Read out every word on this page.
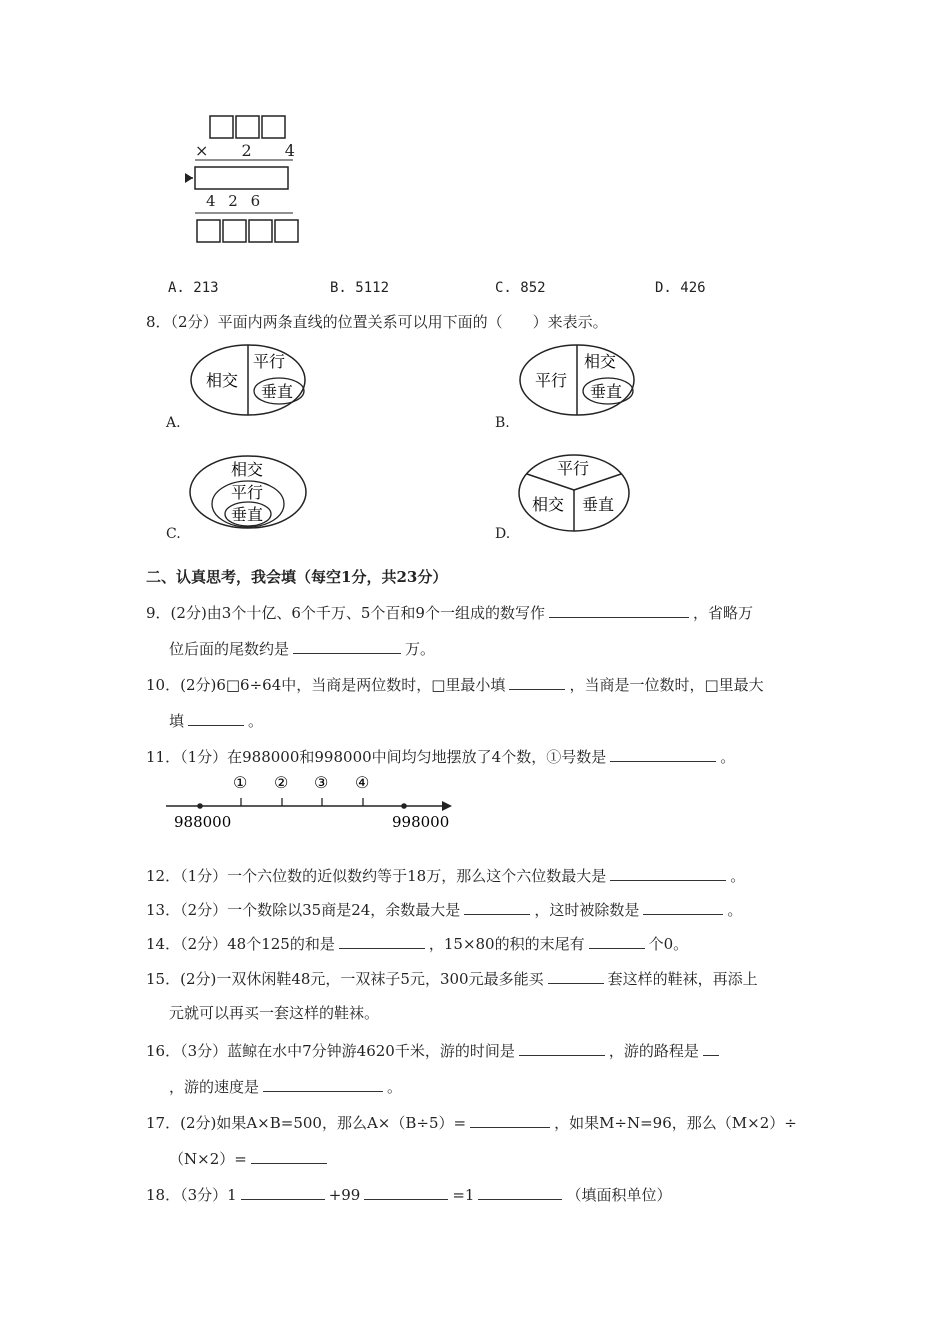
× 2 4
4 2 6
A. 213	B. 5112	C. 852	D. 426
8．（2分）平面内两条直线的位置关系可以用下面的（　　）来表示。
相交
平行
垂直
A.
平行
相交
垂直
B.
相交
平行
垂直
C.
平行
相交 垂直
D.
二、认真思考，我会填（每空1分，共23分）
9．(2分)由3个十亿、6个千万、5个百和9个一组成的数写作	，省略万
位后面的尾数约是	万。
10．(2分)6□6÷64中，当商是两位数时，□里最小填	，当商是一位数时，□里最大
填	。
11．（1分）在988000和998000中间均匀地摆放了4个数，①号数是	。
① ② ③ ④
988000	998000
12．（1分）一个六位数的近似数约等于18万，那么这个六位数最大是	。
13．（2分）一个数除以35商是24，余数最大是	，这时被除数是	。
14．（2分）48个125的和是	，15×80的积的末尾有	个0。
15．(2分)一双休闲鞋48元，一双袜子5元，300元最多能买	套这样的鞋袜，再添上
元就可以再买一套这样的鞋袜。
16．（3分）蓝鲸在水中7分钟游4620千米，游的时间是	，游的路程是
，游的速度是	。
17．(2分)如果A×B=500，那么A×（B÷5）=	，如果M÷N=96，那么（M×2）÷
（N×2）=
18．（3分）1	+99	=1	（填面积单位）
